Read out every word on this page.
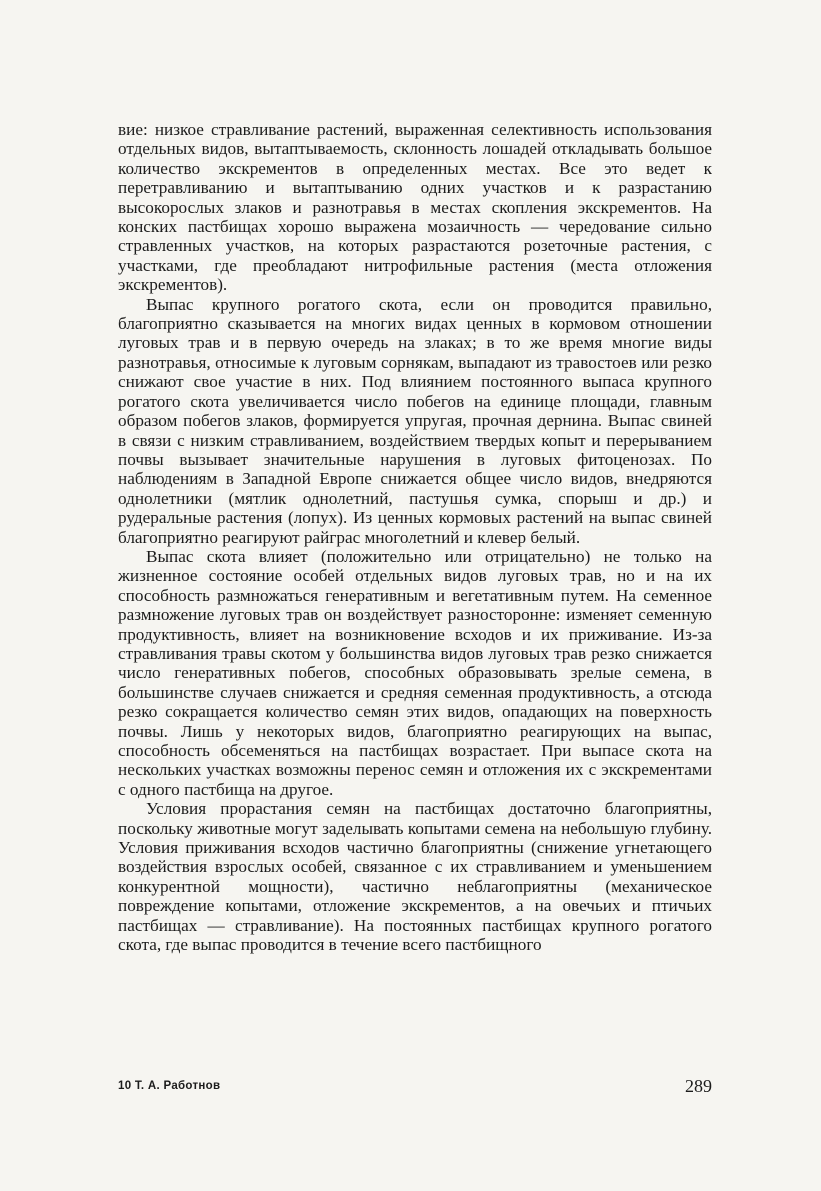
вие: низкое стравливание растений, выраженная селективность использования отдельных видов, вытаптываемость, склонность лошадей откладывать большое количество экскрементов в определенных местах. Все это ведет к перетравливанию и вытаптыванию одних участков и к разрастанию высокорослых злаков и разнотравья в местах скопления экскрементов. На конских пастбищах хорошо выражена мозаичность — чередование сильно стравленных участков, на которых разрастаются розеточные растения, с участками, где преобладают нитрофильные растения (места отложения экскрементов).

Выпас крупного рогатого скота, если он проводится правильно, благоприятно сказывается на многих видах ценных в кормовом отношении луговых трав и в первую очередь на злаках; в то же время многие виды разнотравья, относимые к луговым сорнякам, выпадают из травостоев или резко снижают свое участие в них. Под влиянием постоянного выпаса крупного рогатого скота увеличивается число побегов на единице площади, главным образом побегов злаков, формируется упругая, прочная дернина. Выпас свиней в связи с низким стравливанием, воздействием твердых копыт и перерыванием почвы вызывает значительные нарушения в луговых фитоценозах. По наблюдениям в Западной Европе снижается общее число видов, внедряются однолетники (мятлик однолетний, пастушья сумка, спорыш и др.) и рудеральные растения (лопух). Из ценных кормовых растений на выпас свиней благоприятно реагируют райграс многолетний и клевер белый.

Выпас скота влияет (положительно или отрицательно) не только на жизненное состояние особей отдельных видов луговых трав, но и на их способность размножаться генеративным и вегетативным путем. На семенное размножение луговых трав он воздействует разносторонне: изменяет семенную продуктивность, влияет на возникновение всходов и их приживание. Из-за стравливания травы скотом у большинства видов луговых трав резко снижается число генеративных побегов, способных образовывать зрелые семена, в большинстве случаев снижается и средняя семенная продуктивность, а отсюда резко сокращается количество семян этих видов, опадающих на поверхность почвы. Лишь у некоторых видов, благоприятно реагирующих на выпас, способность обсеменяться на пастбищах возрастает. При выпасе скота на нескольких участках возможны перенос семян и отложения их с экскрементами с одного пастбища на другое.

Условия прорастания семян на пастбищах достаточно благоприятны, поскольку животные могут заделывать копытами семена на небольшую глубину. Условия приживания всходов частично благоприятны (снижение угнетающего воздействия взрослых особей, связанное с их стравливанием и уменьшением конкурентной мощности), частично неблагоприятны (механическое повреждение копытами, отложение экскрементов, а на овечьих и птичьих пастбищах — стравливание). На постоянных пастбищах крупного рогатого скота, где выпас проводится в течение всего пастбищного

10 Т. А. Работнов	289
